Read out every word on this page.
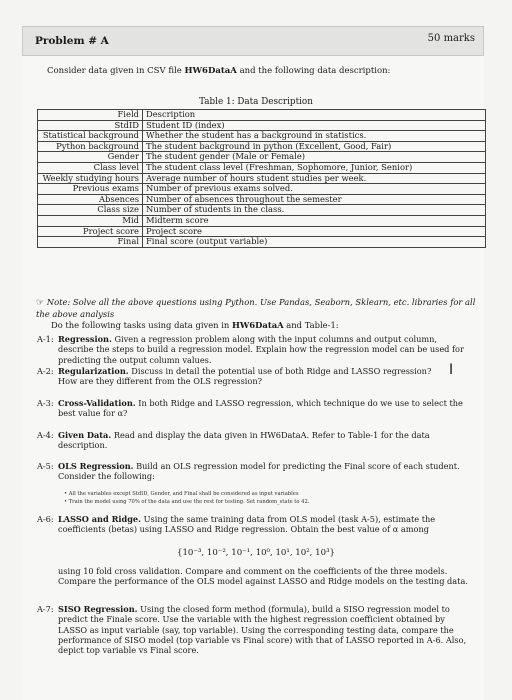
Problem # A	50 marks
Consider data given in CSV file HW6DataA and the following data description:
Table 1: Data Description
Field	Description
StdID	Student ID (index)
Statistical background	Whether the student has a background in statistics.
Python background	The student background in python (Excellent, Good, Fair)
Gender	The student gender (Male or Female)
Class level	The student class level (Freshman, Sophomore, Junior, Senior)
Weekly studying hours	Average number of hours student studies per week.
Previous exams	Number of previous exams solved.
Absences	Number of absences throughout the semester
Class size	Number of students in the class.
Mid	Midterm score
Project score	Project score
Final	Final score (output variable)
☞ Note: Solve all the above questions using Python. Use Pandas, Seaborn, Sklearn, etc. libraries for all the above analysis
Do the following tasks using data given in HW6DataA and Table-1:
A-1: Regression. Given a regression problem along with the input columns and output column, describe the steps to build a regression model. Explain how the regression model can be used for predicting the output column values.
A-2: Regularization. Discuss in detail the potential use of both Ridge and LASSO regression? How are they different from the OLS regression?
I
A-3: Cross-Validation. In both Ridge and LASSO regression, which technique do we use to select the best value for α?
A-4: Given Data. Read and display the data given in HW6DataA. Refer to Table-1 for the data description.
A-5: OLS Regression. Build an OLS regression model for predicting the Final score of each student. Consider the following:
• All the variables except StdID, Gender, and Final shall be considered as input variables
• Train the model using 70% of the data and use the rest for testing. Set random_state to 42.
A-6: LASSO and Ridge. Using the same training data from OLS model (task A-5), estimate the coefficients (betas) using LASSO and Ridge regression. Obtain the best value of α among
{10⁻³, 10⁻², 10⁻¹, 10⁰, 10¹, 10², 10³}
using 10 fold cross validation. Compare and comment on the coefficients of the three models. Compare the performance of the OLS model against LASSO and Ridge models on the testing data.
A-7: SISO Regression. Using the closed form method (formula), build a SISO regression model to predict the Finale score. Use the variable with the highest regression coefficient obtained by LASSO as input variable (say, top variable). Using the corresponding testing data, compare the performance of SISO model (top variable vs Final score) with that of LASSO reported in A-6. Also, depict top variable vs Final score.
